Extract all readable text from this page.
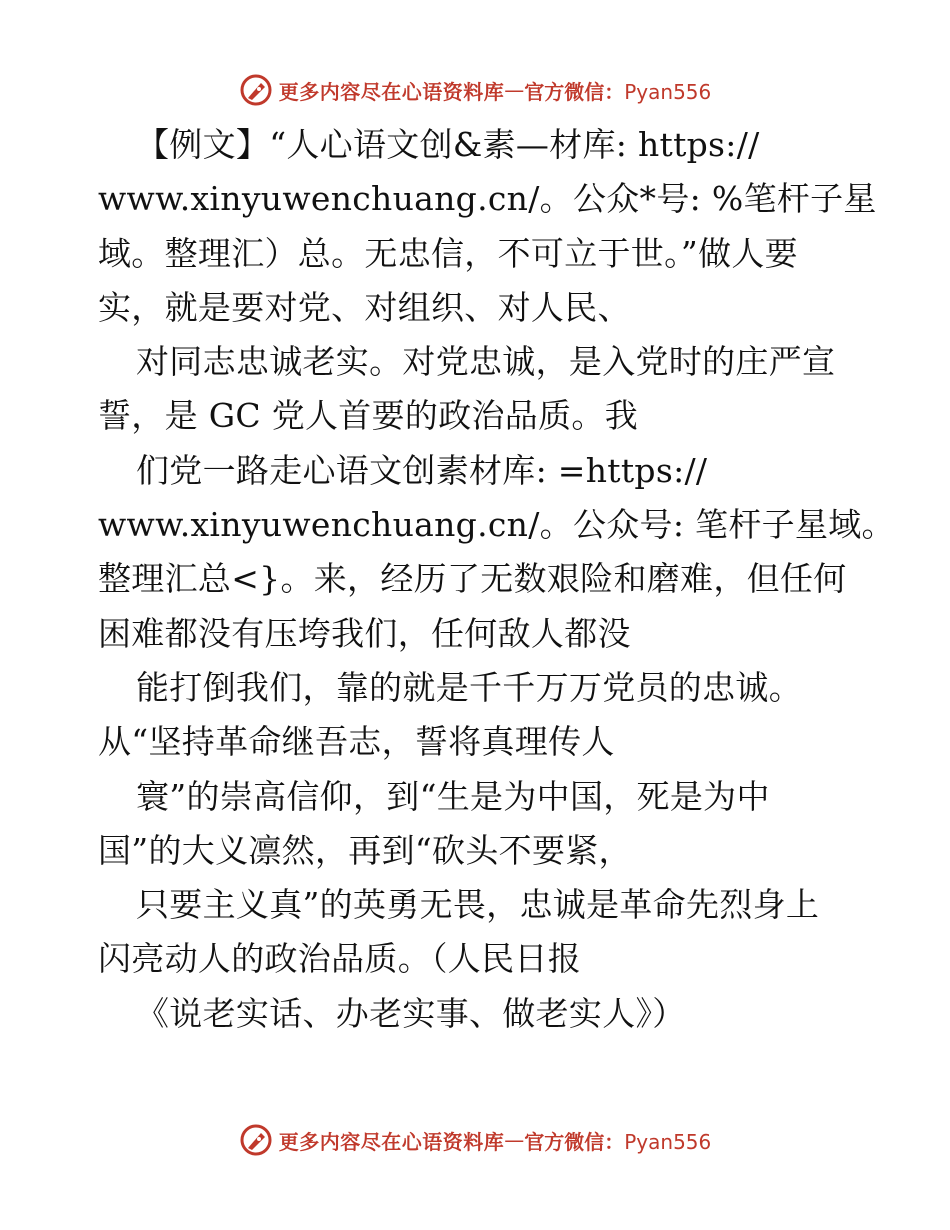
更多内容尽在心语资料库 — 官方微信：Pyan556
【例文】“人心语文创&素—材库: https://
www.xinyuwenchuang.cn/。公众*号: %笔杆子星
域。整理汇）总。无忠信，不可立于世。”做人要
实，就是要对党、对组织、对人民、
对同志忠诚老实。对党忠诚，是入党时的庄严宣
誓，是 GC 党人首要的政治品质。我
们党一路走心语文创素材库: =https://
www.xinyuwenchuang.cn/。公众号: 笔杆子星域。
整理汇总<}。来，经历了无数艰险和磨难，但任何
困难都没有压垮我们，任何敌人都没
能打倒我们，靠的就是千千万万党员的忠诚。
从“坚持革命继吾志，誓将真理传人
寰”的崇高信仰，到“生是为中国，死是为中
国”的大义凛然，再到“砍头不要紧，
只要主义真”的英勇无畏，忠诚是革命先烈身上
闪亮动人的政治品质。（人民日报
《说老实话、办老实事、做老实人》）
更多内容尽在心语资料库 — 官方微信：Pyan556
